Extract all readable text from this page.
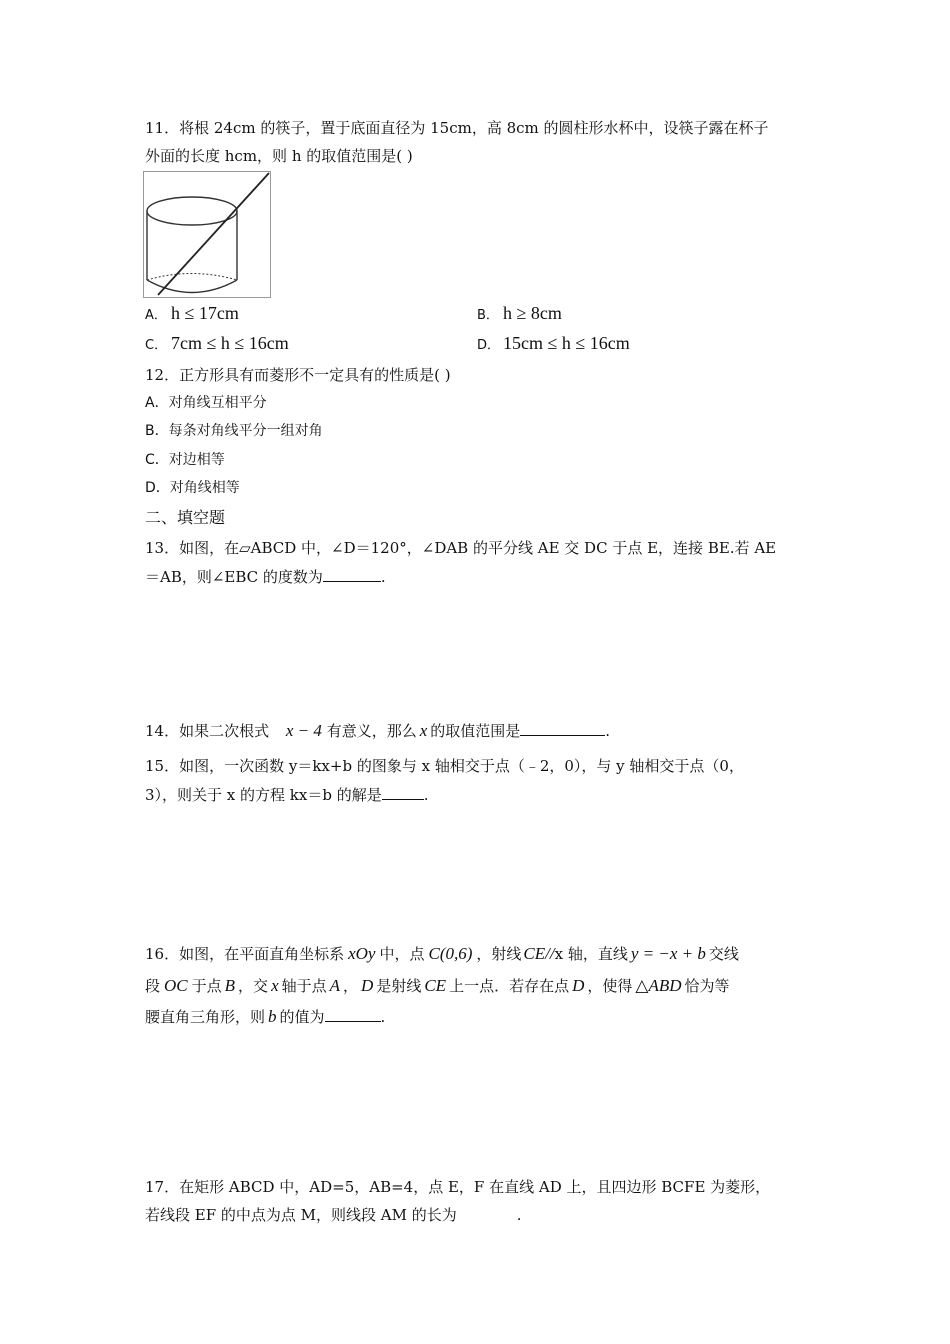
11．将根 24cm 的筷子，置于底面直径为 15cm，高 8cm 的圆柱形水杯中，设筷子露在杯子
外面的长度 hcm，则 h 的取值范围是( )
A． h ≤ 17cm	B． h ≥ 8cm
C． 7cm ≤ h ≤ 16cm	D． 15cm ≤ h ≤ 16cm
12．正方形具有而菱形不一定具有的性质是( )
A．对角线互相平分
B．每条对角线平分一组对角
C．对边相等
D．对角线相等
二、填空题
13．如图，在▱ABCD 中，∠D＝120°，∠DAB 的平分线 AE 交 DC 于点 E，连接 BE.若 AE
＝AB，则∠EBC 的度数为	.
14．如果二次根式 x − 4 有意义，那么 x 的取值范围是	.
15．如图，一次函数 y＝kx+b 的图象与 x 轴相交于点（﹣2，0），与 y 轴相交于点（0，
3），则关于 x 的方程 kx＝b 的解是	.
16．如图，在平面直角坐标系 xOy 中，点 C(0,6) ，射线 CE//x 轴，直线 y = −x + b 交线
段 OC 于点 B ，交 x 轴于点 A ， D 是射线 CE 上一点．若存在点 D ，使得 △ABD 恰为等
腰直角三角形，则 b 的值为	.
17．在矩形 ABCD 中，AD=5，AB=4，点 E，F 在直线 AD 上，且四边形 BCFE 为菱形，
若线段 EF 的中点为点 M，则线段 AM 的长为	.
